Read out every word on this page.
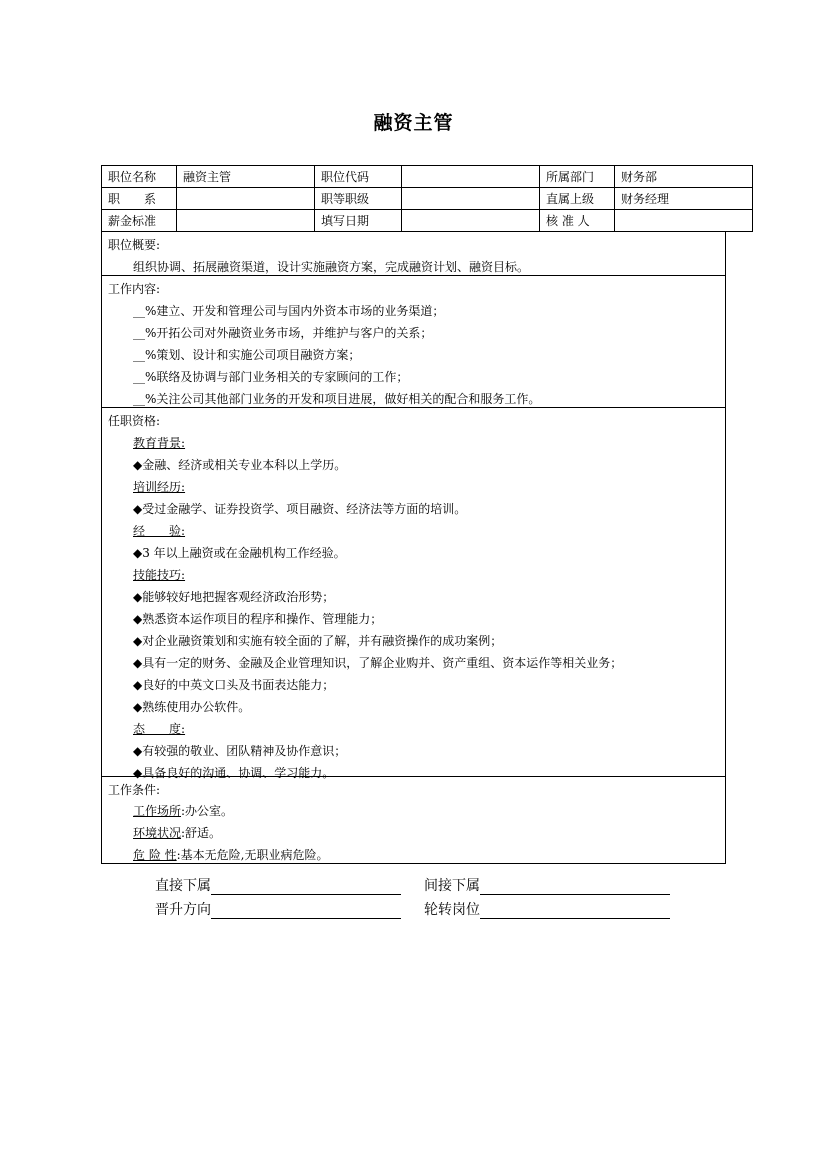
融资主管
职位名称	融资主管	职位代码		所属部门	财务部
职　　系		职等职级		直属上级	财务经理
薪金标准		填写日期		核 准 人	
职位概要:
组织协调、拓展融资渠道，设计实施融资方案，完成融资计划、融资目标。
工作内容:
__%建立、开发和管理公司与国内外资本市场的业务渠道；
__%开拓公司对外融资业务市场，并维护与客户的关系；
__%策划、设计和实施公司项目融资方案；
__%联络及协调与部门业务相关的专家顾问的工作；
__%关注公司其他部门业务的开发和项目进展，做好相关的配合和服务工作。
任职资格:
教育背景:
◆金融、经济或相关专业本科以上学历。
培训经历:
◆受过金融学、证券投资学、项目融资、经济法等方面的培训。
经　　验:
◆3 年以上融资或在金融机构工作经验。
技能技巧:
◆能够较好地把握客观经济政治形势；
◆熟悉资本运作项目的程序和操作、管理能力；
◆对企业融资策划和实施有较全面的了解，并有融资操作的成功案例；
◆具有一定的财务、金融及企业管理知识，了解企业购并、资产重组、资本运作等相关业务；
◆良好的中英文口头及书面表达能力；
◆熟练使用办公软件。
态　　度:
◆有较强的敬业、团队精神及协作意识；
◆具备良好的沟通、协调、学习能力。
工作条件:
工作场所:办公室。
环境状况:舒适。
危 险 性:基本无危险,无职业病危险。
直接下属	间接下属
晋升方向	轮转岗位
